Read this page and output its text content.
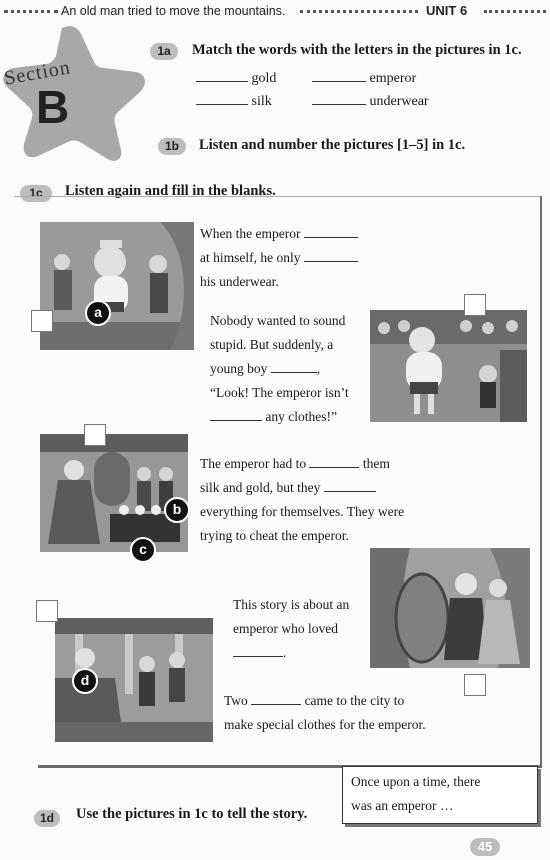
An old man tried to move the mountains.	UNIT 6
Section
B
1a	Match the words with the letters in the pictures in 1c.
gold	emperor
silk	underwear
1b	Listen and number the pictures [1–5] in 1c.
1c	Listen again and fill in the blanks.
a
When the emperor
at himself, he only
his underwear.
Nobody wanted to sound
stupid. But suddenly, a
young boy	,
“Look! The emperor isn’t
any clothes!”
b
c
The emperor had to	them
silk and gold, but they
everything for themselves. They were
trying to cheat the emperor.
This story is about an
emperor who loved
.
d
Two	came to the city to
make special clothes for the emperor.
1d	Use the pictures in 1c to tell the story.
Once upon a time, there
was an emperor …
45
